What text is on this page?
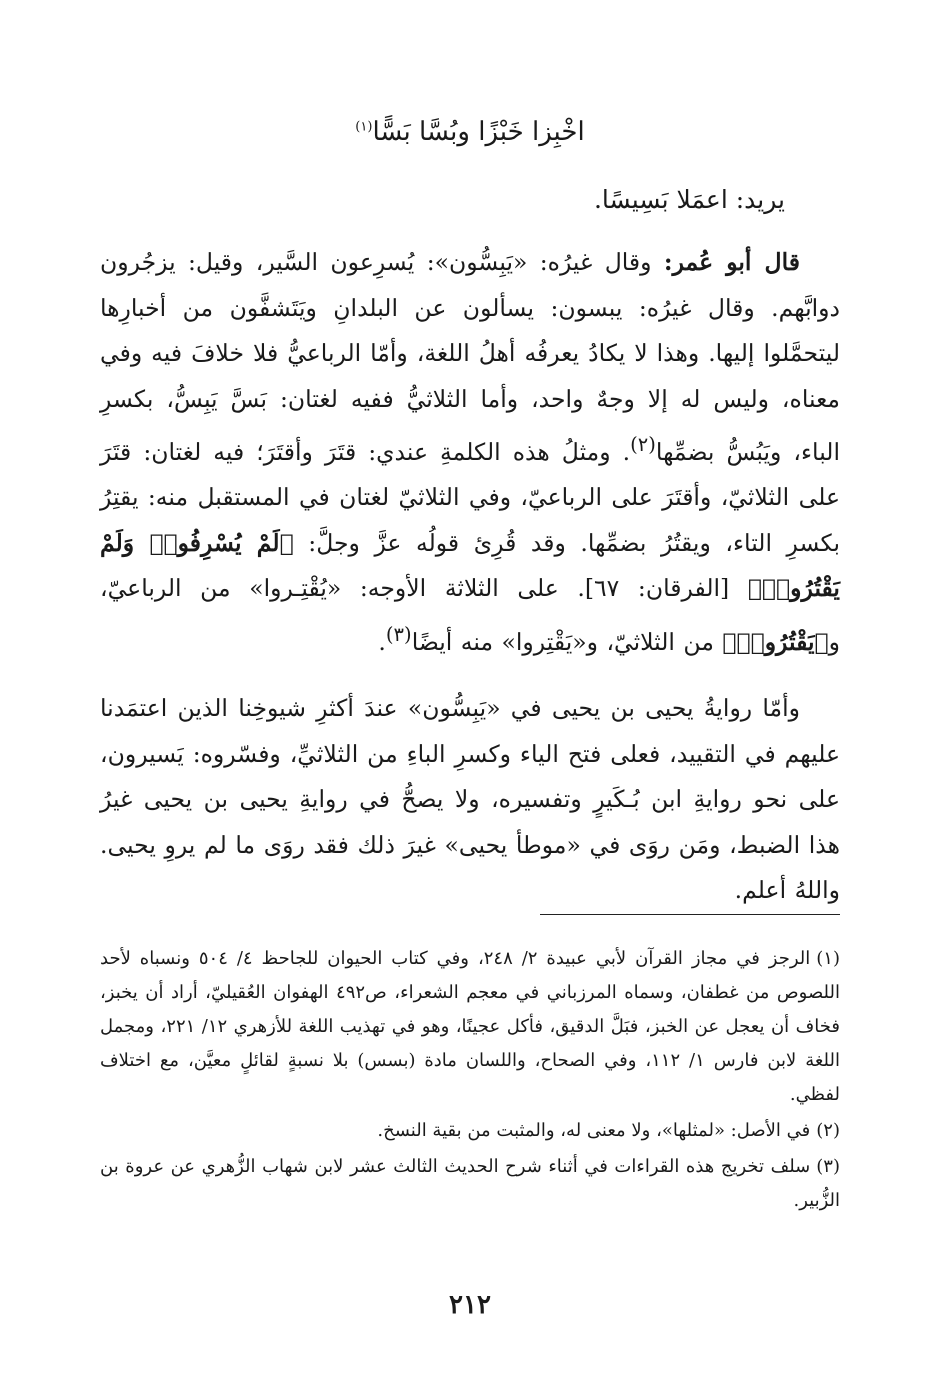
اخْبِزا خَبْزًا وبُسَّا بَسًّا$^{(١)}$
يريد: اعمَلا بَسِيسًا.
قال أبو عُمر: وقال غيرُه: «يَبِسُّون»: يُسرِعون السَّير، وقيل: يزجُرون دوابَّهم. وقال غيرُه: يبسون: يسألون عن البلدانِ ويَتَشفَّون من أخبارِها ليتحمَّلوا إليها. وهذا لا يكادُ يعرفُه أهلُ اللغة، وأمّا الرباعيُّ فلا خلافَ فيه وفي معناه، وليس له إلا وجهٌ واحد، وأما الثلاثيُّ ففيه لغتان: بَسَّ يَبِسُّ، بكسرِ الباء، ويَبُسُّ بضمِّها$^{(٢)}$. ومثلُ هذه الكلمةِ عندي: قتَرَ وأقتَرَ؛ فيه لغتان: قتَرَ على الثلاثيّ، وأقتَرَ على الرباعيّ، وفي الثلاثيّ لغتان في المستقبل منه: يقتِرُ بكسرِ التاء، ويقتُرُ بضمِّها. وقد قُرِئ قولُه عزَّ وجلَّ: ﴿لَمْ يُسْرِفُوا۟ وَلَمْ يَقْتُرُوا۟﴾ [الفرقان: ٦٧]. على الثلاثة الأوجه: «يُقْتِـروا» من الرباعيّ، و﴿يَقْتُرُوا۟﴾ من الثلاثيّ، و«يَقْتِروا» منه أيضًا$^{(٣)}$.
وأمّا روايةُ يحيى بن يحيى في «يَبِسُّون» عندَ أكثرِ شيوخِنا الذين اعتمَدنا عليهم في التقييد، فعلى فتح الياء وكسرِ الباءِ من الثلاثيِّ، وفسّروه: يَسيرون، على نحو روايةِ ابن بُـكَيرٍ وتفسيره، ولا يصحُّ في روايةِ يحيى بن يحيى غيرُ هذا الضبط، ومَن روَى في «موطأ يحيى» غيرَ ذلك فقد روَى ما لم يروِ يحيى. واللهُ أعلم.

(١)الرجز في مجاز القرآن لأبي عبيدة ٢/ ٢٤٨، وفي كتاب الحيوان للجاحظ ٤/ ٥٠٤ ونسباه لأحد اللصوص من غطفان، وسماه المرزباني في معجم الشعراء، ص٤٩٢ الهفوان العُقيليّ، أراد أن يخبز، فخاف أن يعجل عن الخبز، فبَلَّ الدقيق، فأكل عجينًا، وهو في تهذيب اللغة للأزهري ١٢/ ٢٢١، ومجمل اللغة لابن فارس ١/ ١١٢، وفي الصحاح، واللسان مادة (بسس) بلا نسبةٍ لقائلٍ معيَّن، مع اختلاف لفظي.

(٢)في الأصل: «لمثلها»، ولا معنى له، والمثبت من بقية النسخ.

(٣)سلف تخريج هذه القراءات في أثناء شرح الحديث الثالث عشر لابن شهاب الزُّهري عن عروة بن الزُّبير.

٢١٢
